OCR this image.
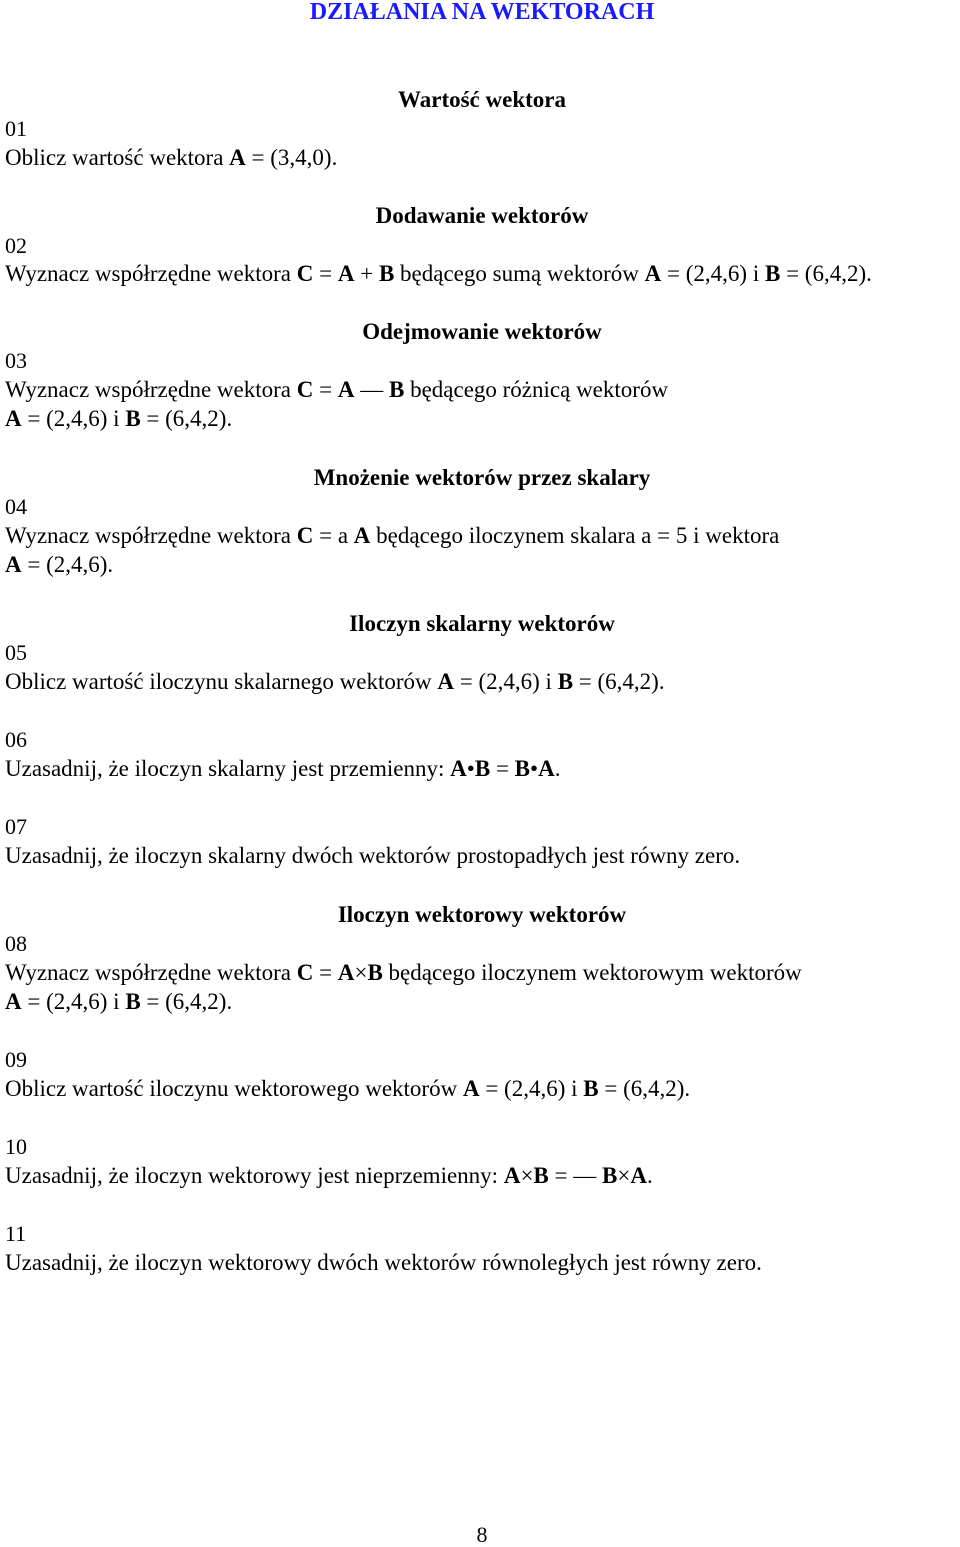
DZIAŁANIA NA WEKTORACH
Wartość wektora
01
Oblicz wartość wektora A = (3,4,0).
Dodawanie wektorów
02
Wyznacz współrzędne wektora C = A + B będącego sumą wektorów A = (2,4,6) i B = (6,4,2).
Odejmowanie wektorów
03
Wyznacz współrzędne wektora C = A — B będącego różnicą wektorów
A = (2,4,6) i B = (6,4,2).
Mnożenie wektorów przez skalary
04
Wyznacz współrzędne wektora C = a A będącego iloczynem skalara a = 5 i wektora
A = (2,4,6).
Iloczyn skalarny wektorów
05
Oblicz wartość iloczynu skalarnego wektorów A = (2,4,6) i B = (6,4,2).
06
Uzasadnij, że iloczyn skalarny jest przemienny: A•B = B•A.
07
Uzasadnij, że iloczyn skalarny dwóch wektorów prostopadłych jest równy zero.
Iloczyn wektorowy wektorów
08
Wyznacz współrzędne wektora C = A×B będącego iloczynem wektorowym wektorów
A = (2,4,6) i B = (6,4,2).
09
Oblicz wartość iloczynu wektorowego wektorów A = (2,4,6) i B = (6,4,2).
10
Uzasadnij, że iloczyn wektorowy jest nieprzemienny: A×B = — B×A.
11
Uzasadnij, że iloczyn wektorowy dwóch wektorów równoległych jest równy zero.
8
